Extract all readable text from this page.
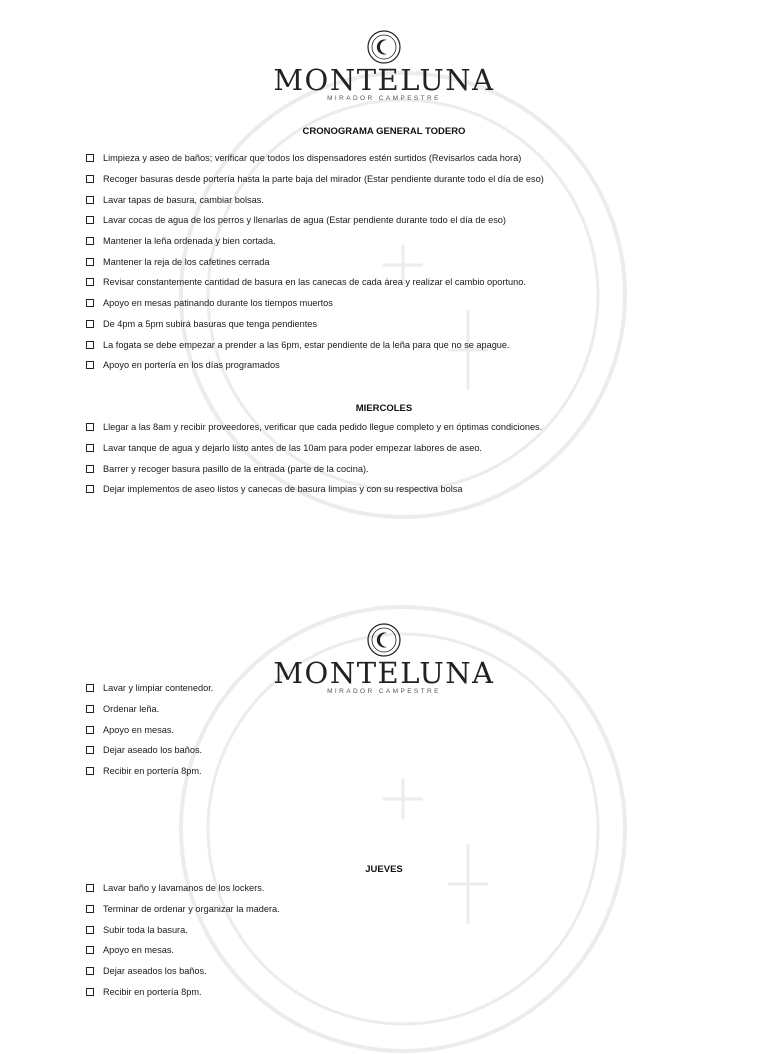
MONTELUNA
MIRADOR CAMPESTRE
CRONOGRAMA GENERAL TODERO
Limpieza y aseo de baños; verificar que todos los dispensadores estén surtidos (Revisarlos cada hora)
Recoger basuras desde portería hasta la parte baja del mirador (Estar pendiente durante todo el día de eso)
Lavar tapas de basura, cambiar bolsas.
Lavar cocas de agua de los perros y llenarlas de agua (Estar pendiente durante todo el día de eso)
Mantener la leña ordenada y bien cortada.
Mantener la reja de los cafetines cerrada
Revisar constantemente cantidad de basura en las canecas de cada área y realizar el cambio oportuno.
Apoyo en mesas patinando durante los tiempos muertos
De 4pm a 5pm subirá basuras que tenga pendientes
La fogata se debe empezar a prender a las 6pm, estar pendiente de la leña para que no se apague.
Apoyo en portería en los días programados
MIERCOLES
Llegar a las 8am y recibir proveedores, verificar que cada pedido llegue completo y en óptimas condiciones.
Lavar tanque de agua y dejarlo listo antes de las 10am para poder empezar labores de aseo.
Barrer y recoger basura pasillo de la entrada (parte de la cocina).
Dejar implementos de aseo listos y canecas de basura limpias y con su respectiva bolsa
MONTELUNA
MIRADOR CAMPESTRE
Lavar y limpiar contenedor.
Ordenar leña.
Apoyo en mesas.
Dejar aseado los baños.
Recibir en portería 8pm.
JUEVES
Lavar baño y lavamanos de los lockers.
Terminar de ordenar y organizar la madera.
Subir toda la basura.
Apoyo en mesas.
Dejar aseados los baños.
Recibir en portería 8pm.
